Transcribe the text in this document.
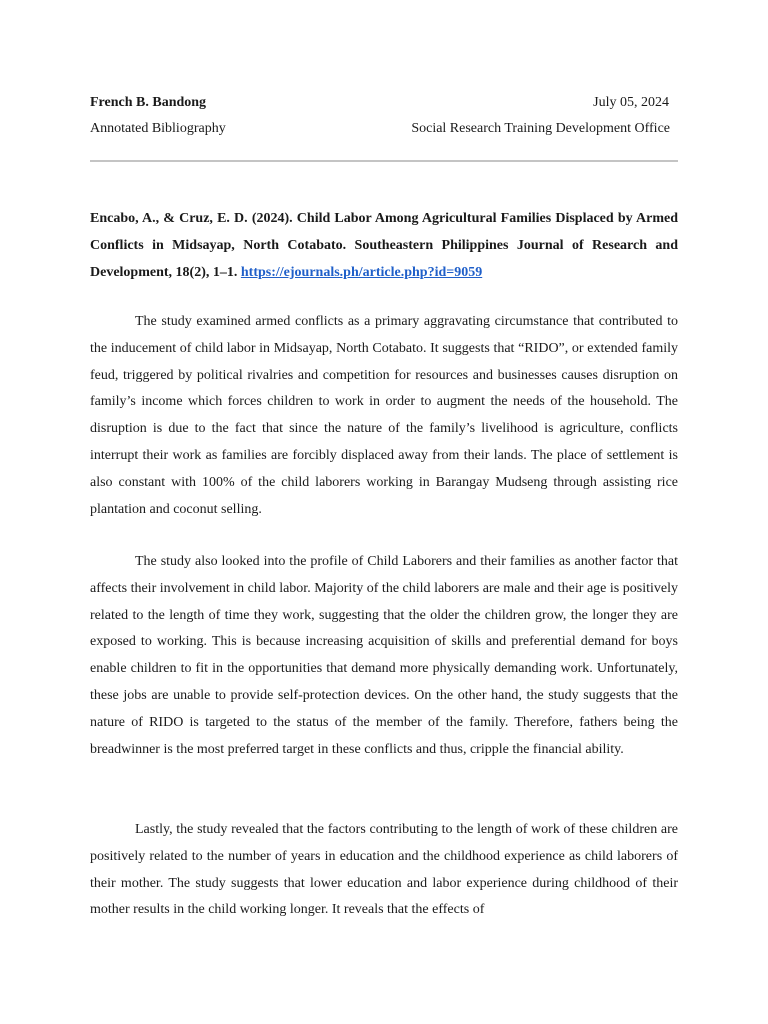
French B. Bandong	July 05, 2024
Annotated Bibliography	Social Research Training Development Office

Encabo, A., & Cruz, E. D. (2024). Child Labor Among Agricultural Families Displaced by Armed Conflicts in Midsayap, North Cotabato. Southeastern Philippines Journal of Research and Development, 18(2), 1–1. https://ejournals.ph/article.php?id=9059

The study examined armed conflicts as a primary aggravating circumstance that contributed to the inducement of child labor in Midsayap, North Cotabato. It suggests that “RIDO”, or extended family feud, triggered by political rivalries and competition for resources and businesses causes disruption on family’s income which forces children to work in order to augment the needs of the household. The disruption is due to the fact that since the nature of the family’s livelihood is agriculture, conflicts interrupt their work as families are forcibly displaced away from their lands. The place of settlement is also constant with 100% of the child laborers working in Barangay Mudseng through assisting rice plantation and coconut selling.

The study also looked into the profile of Child Laborers and their families as another factor that affects their involvement in child labor. Majority of the child laborers are male and their age is positively related to the length of time they work, suggesting that the older the children grow, the longer they are exposed to working. This is because increasing acquisition of skills and preferential demand for boys enable children to fit in the opportunities that demand more physically demanding work. Unfortunately, these jobs are unable to provide self-protection devices. On the other hand, the study suggests that the nature of RIDO is targeted to the status of the member of the family. Therefore, fathers being the breadwinner is the most preferred target in these conflicts and thus, cripple the financial ability.

Lastly, the study revealed that the factors contributing to the length of work of these children are positively related to the number of years in education and the childhood experience as child laborers of their mother. The study suggests that lower education and labor experience during childhood of their mother results in the child working longer. It reveals that the effects of
